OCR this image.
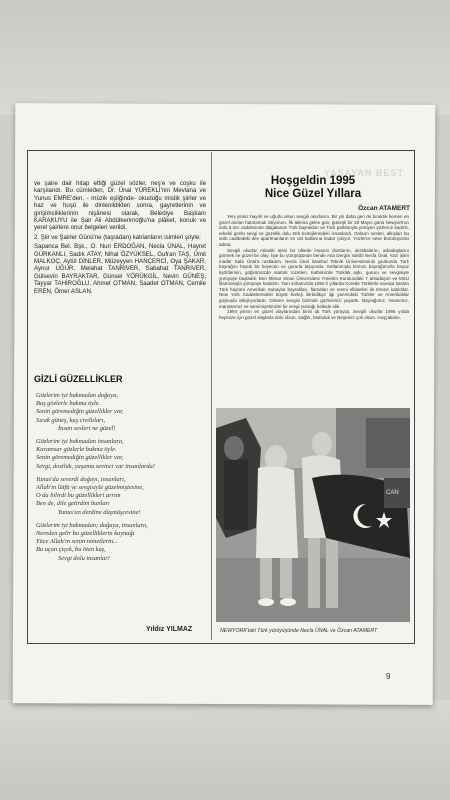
YASAYAN BEST

ve şaire dair hitap ettiği güzel sözler, neş'e ve coşku ile karşılandı. Bu cümleden, Dr. Ünal YÜREKLİ'nin Mevlana ve Yunus EMRE'den, - müzik eşliğinde- okuduğu mistik şiirler ve haz ve huşû ile dinlenildikten sonra, gayretlerinin ve girişimciliklerinin nişânesi olarak, Belediye Başkanı KARAKUYU ile Şair Ali Abdülkerimoğlu'na plâket, konuk ve yerel şairlere onur belgeleri verildi.

2. Şiir ve Şairler Günü'ne (taşradan) katılanların isimleri şöyle:

Sapanca Bel. Bşk., O. Nuri ERDOĞAN, Necla ÜNAL, Hayret GÜRKANLI, Sadık ATAY, Nihal ÖZYÜKSEL, Gufran TAŞ, Ümit MALKOÇ, Aytül DİNLER, Müzeyyen HANÇERCİ, Oya ŞAKAR, Aynur UĞUR, Melahat TANRIVER, Sabahat TANRIVER, Gülsevin BAYRAKTAR, Günsel YÖRÜKGİL, Nevin GÜNEŞ, Tayyar TAHİROĞLU, Ahmet OTMAN, Saadet OTMAN, Cemile EREN, Ömer ASLAN.

GİZLİ GÜZELLİKLER
Gözlerim iyi bakmadan doğaya,
Boş gözlerle bakma öyle.
Senin göremediğin güzellikler var,
Sıcak güneş, kuş cıvıltıları,
İnsan sesleri ne güzel!
Gözlerim iyi bakmadan insanlara,
Karamsar gözlerle bakma öyle.
Senin göremediğin güzellikler var,
Sevgi, dostluk, yaşama sevinci var insanlarda!
Yunus'da severdi doğayı, insanları,
Allah'ın lütfü ve sevgisiyle güzelmiştesine,
O da bilirdi bu güzellikleri arrım
Ben de, dile getirdim bunları
Yunus'un derdine düşmüşcesine!
Gözlerim iyi bakmadan; doğaya, insanlara,
Nereden gelir bu güzelliklerin kaynağı
Yüce Allah'ın senin nimetlerin...
Bu uçan çiçek, bu öten kuş,
Sevgi dolu insanlar!
Yıldız YILMAZ
Hoşgeldin 1995
Nice Güzel Yıllara
Özcan ATAMERT

Yeni yılınız hayırlı ve uğurlu olsun sevgili okurlarım. Bir yılı daha geri de bıraktık hemen en güzel anıları hatırlamak istiyorum. İlk aklıma gelen gün, güneşli bir 28 Mayıs günü Newyork'un ünlü 5.inci caddesinde dalgalanan Türk bayrakları ve Türk parklarıyla yürüyen yüzlerce kadınlı, erkekli gönlü sevgi ve güzellik dolu türk kortejlerindeki insanlardı. Onların sesleri, alkışları bu ünlü caddedeki dev apartmanların en üst katlarına kadar çıkıyor. Yüzlerce sese bürünüyordu adeta.

Sevgili okurlar Atlantik ötesi bir ülkede insanın dostlarını, akrabalarını, arkadaşlarını görmek ne güzel bir olay. İşte bu yürüyüşünde bende Ana Dergisi sahibi Necla Ünal, Yazı işleri müdür Safa Ünal'a rastladım. Necla Ünal İstanbul Teknik Üniversitesinin grubunda Türk bayrağını büyük bir heyecan ve gururla taşıyordu. Sırtlanmışta kırmızı bayrağımızla beyaz tişörtlerinin, göğsümüzde Atatürk rozetleri, Kalbimizde Türklük aşkı, gururu ve sevgisiyle yürüyüşe başladık. Ben Mimar Sinan Üniversitesi Yönetim Kurulundaki 7 arkadaşım ve MSU filarmoniyla yürüyüşe katıldım. Tam sırkamızda 1950 li yıllarda Korede Türklerle savaşa katılan Türk hayranı Amerikalı Subaylar bayrakları, flamaları ve resmi elbiseleri ile törene katıldılar. New York Caddelerindeki büyük korteji ilerledikçe ilgi yanımdaki Türkler ve Amerikalılar güçkuyla alkışlıyorlardı. Onların sevgisi bizimde gözlerimizi yaşarttı. Bayrağımız, insanımız, marşlarımız ve samimiyetimizle bir sevgi yumağı halinde idik.

1994 yılının en güzel olaylarından birisi idi Türk yürüyüş. Sevgili okurlar 1995 yılıda hepinize için güzel olaylarla dolu olsun. Sağlık, Mutluluk ve Neşemiz çok olsun. Hoşçakalın.

CAN
NEWYORK'taki Türk yürüyüşünde Necla ÜNAL ve Özcan ATAMERT
9
